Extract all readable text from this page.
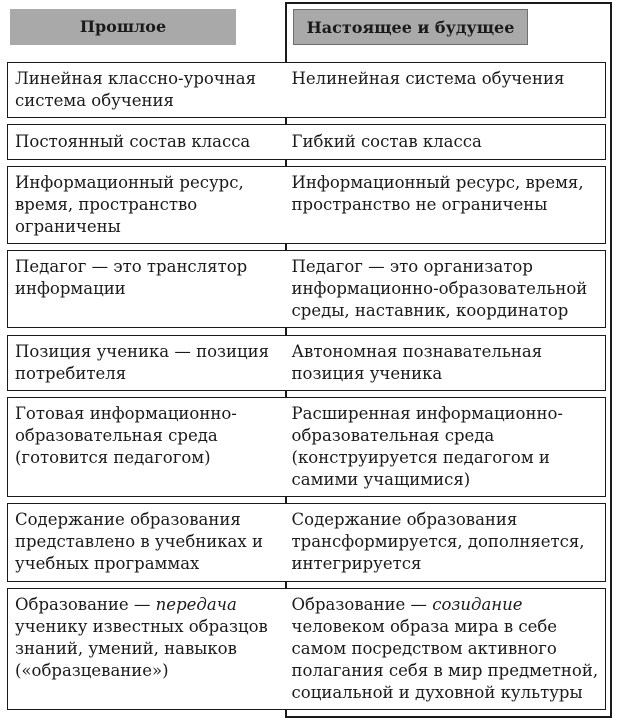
Прошлое	Настоящее и будущее
Линейная классно-урочная система обучения
Нелинейная система обучения
Постоянный состав класса	Гибкий состав класса
Информационный ресурс, время, пространство ограничены
Информационный ресурс, время, пространство не ограничены
Педагог — это транслятор информации
Педагог — это организатор информационно-образовательной среды, наставник, координатор
Позиция ученика — позиция потребителя
Автономная познавательная позиция ученика
Готовая информационно-образовательная среда (готовится педагогом)
Расширенная информационно-образовательная среда (конструируется педагогом и самими учащимися)
Содержание образования представлено в учебниках и учебных программах
Содержание образования трансформируется, дополняется, интегрируется
Образование — передача ученику известных образцов знаний, умений, навыков («образцевание»)
Образование — созидание человеком образа мира в себе самом посредством активного полагания себя в мир предметной, социальной и духовной культуры
